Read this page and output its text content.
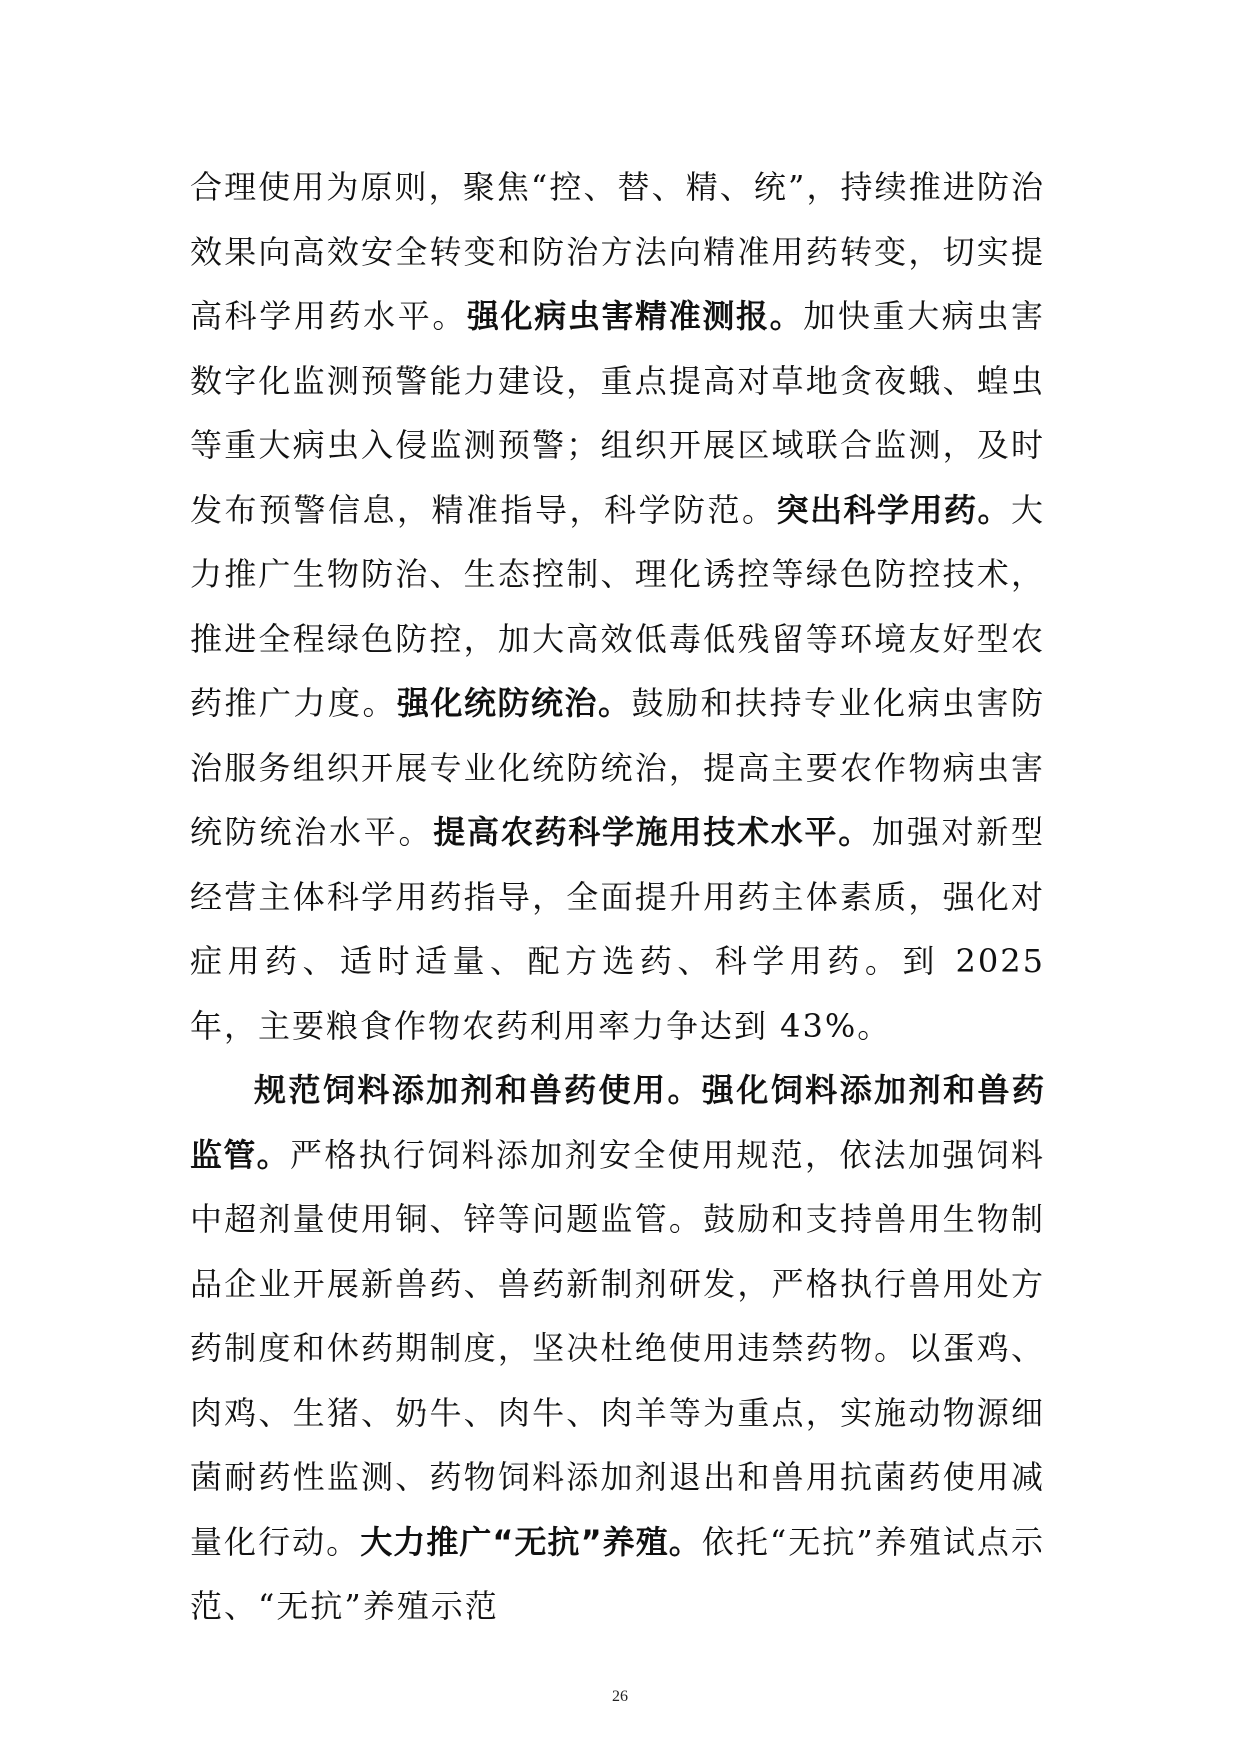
合理使用为原则，聚焦“控、替、精、统”，持续推进防治效果向高效安全转变和防治方法向精准用药转变，切实提高科学用药水平。强化病虫害精准测报。加快重大病虫害数字化监测预警能力建设，重点提高对草地贪夜蛾、蝗虫等重大病虫入侵监测预警；组织开展区域联合监测，及时发布预警信息，精准指导，科学防范。突出科学用药。大力推广生物防治、生态控制、理化诱控等绿色防控技术，推进全程绿色防控，加大高效低毒低残留等环境友好型农药推广力度。强化统防统治。鼓励和扶持专业化病虫害防治服务组织开展专业化统防统治，提高主要农作物病虫害统防统治水平。提高农药科学施用技术水平。加强对新型经营主体科学用药指导，全面提升用药主体素质，强化对症用药、适时适量、配方选药、科学用药。到 2025 年，主要粮食作物农药利用率力争达到 43%。

规范饲料添加剂和兽药使用。强化饲料添加剂和兽药监管。严格执行饲料添加剂安全使用规范，依法加强饲料中超剂量使用铜、锌等问题监管。鼓励和支持兽用生物制品企业开展新兽药、兽药新制剂研发，严格执行兽用处方药制度和休药期制度，坚决杜绝使用违禁药物。以蛋鸡、肉鸡、生猪、奶牛、肉牛、肉羊等为重点，实施动物源细菌耐药性监测、药物饲料添加剂退出和兽用抗菌药使用减量化行动。大力推广“无抗”养殖。依托“无抗”养殖试点示范、“无抗”养殖示范

26
